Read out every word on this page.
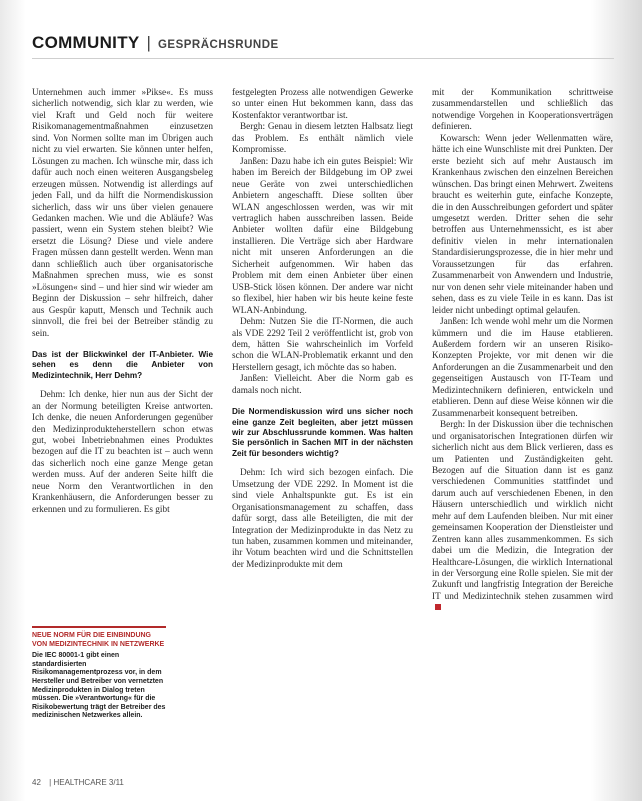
COMMUNITY | GESPRÄCHSRUNDE

Unternehmen auch immer »Pikse«. Es muss sicherlich notwendig, sich klar zu werden, wie viel Kraft und Geld noch für weitere Risikomanagementmaßnahmen einzusetzen sind. Von Normen sollte man im Übrigen auch nicht zu viel erwarten. Sie können unter helfen, Lösungen zu machen. Ich wünsche mir, dass ich dafür auch noch einen weiteren Ausgangsbeleg erzeugen müssen. Notwendig ist allerdings auf jeden Fall, und da hilft die Normendiskussion sicherlich, dass wir uns über vielen genauere Gedanken machen. Wie und die Abläufe? Was passiert, wenn ein System stehen bleibt? Wie ersetzt die Lösung? Diese und viele andere Fragen müssen dann gestellt werden. Wenn man dann schließlich auch über organisatorische Maßnahmen sprechen muss, wie es sonst »Lösungen« sind – und hier sind wir wieder am Beginn der Diskussion – sehr hilfreich, daher aus Gespür kaputt, Mensch und Technik auch sinnvoll, die frei bei der Betreiber ständig zu sein.

Das ist der Blickwinkel der IT-Anbieter. Wie sehen es denn die Anbieter von Medizintechnik, Herr Dehm?

Dehm: Ich denke, hier nun aus der Sicht der an der Normung beteiligten Kreise antworten. Ich denke, die neuen Anforderungen gegenüber den Medizinprodukteherstellern schon etwas gut, wobei Inbetriebnahmen eines Produktes bezogen auf die IT zu beachten ist – auch wenn das sicherlich noch eine ganze Menge getan werden muss. Auf der anderen Seite hilft die neue Norm den Verantwortlichen in den Krankenhäusern, die Anforderungen besser zu erkennen und zu formulieren. Es gibt

festgelegten Prozess alle notwendigen Gewerke so unter einen Hut bekommen kann, dass das Kostenfaktor verantwortbar ist.

Bergh: Genau in diesem letzten Halbsatz liegt das Problem. Es enthält nämlich viele Kompromisse.

Janßen: Dazu habe ich ein gutes Beispiel: Wir haben im Bereich der Bildgebung im OP zwei neue Geräte von zwei unterschiedlichen Anbietern angeschafft. Diese sollten über WLAN angeschlossen werden, was wir mit vertraglich haben ausschreiben lassen. Beide Anbieter wollten dafür eine Bildgebung installieren. Die Verträge sich aber Hardware nicht mit unseren Anforderungen an die Sicherheit aufgenommen. Wir haben das Problem mit dem einen Anbieter über einen USB-Stick lösen können. Der andere war nicht so flexibel, hier haben wir bis heute keine feste WLAN-Anbindung.

Dehm: Nutzen Sie die IT-Normen, die auch als VDE 2292 Teil 2 veröffentlicht ist, grob von dem, hätten Sie wahrscheinlich im Vorfeld schon die WLAN-Problematik erkannt und den Herstellern gesagt, ich möchte das so haben.

Janßen: Vielleicht. Aber die Norm gab es damals noch nicht.

Die Normendiskussion wird uns sicher noch eine ganze Zeit begleiten, aber jetzt müssen wir zur Abschlussrunde kommen. Was halten Sie persönlich in Sachen MIT in der nächsten Zeit für besonders wichtig?

Dehm: Ich wird sich bezogen einfach. Die Umsetzung der VDE 2292. In Moment ist die sind viele Anhaltspunkte gut. Es ist ein Organisationsmanagement zu schaffen, dass dafür sorgt, dass alle Beteiligten, die mit der Integration der Medizinprodukte in das Netz zu tun haben, zusammen kommen und miteinander, ihr Votum beachten wird und die Schnittstellen der Medizinprodukte mit dem

mit der Kommunikation schrittweise zusammendarstellen und schließlich das notwendige Vorgehen in Kooperationsverträgen definieren.

Kowarsch: Wenn jeder Wellenmatten wäre, hätte ich eine Wunschliste mit drei Punkten. Der erste bezieht sich auf mehr Austausch im Krankenhaus zwischen den einzelnen Bereichen wünschen. Das bringt einen Mehrwert. Zweitens braucht es weiterhin gute, einfache Konzepte, die in den Ausschreibungen gefordert und später umgesetzt werden. Dritter sehen die sehr betroffen aus Unternehmenssicht, es ist aber definitiv vielen in mehr internationalen Standardisierungsprozesse, die in hier mehr und Voraussetzungen für das erfahren. Zusammenarbeit von Anwendern und Industrie, nur von denen sehr viele miteinander haben und sehen, dass es zu viele Teile in es kann. Das ist leider nicht unbedingt optimal gelaufen.

Janßen: Ich wende wohl mehr um die Normen kümmern und die im Hause etablieren. Außerdem fordern wir an unseren Risiko-Konzepten Projekte, vor mit denen wir die Anforderungen an die Zusammenarbeit und den gegenseitigen Austausch von IT-Team und Medizintechnikern definieren, entwickeln und etablieren. Denn auf diese Weise können wir die Zusammenarbeit konsequent betreiben.

Bergh: In der Diskussion über die technischen und organisatorischen Integrationen dürfen wir sicherlich nicht aus dem Blick verlieren, dass es um Patienten und Zuständigkeiten geht. Bezogen auf die Situation dann ist es ganz verschiedenen Communities stattfindet und darum auch auf verschiedenen Ebenen, in den Häusern unterschiedlich und wirklich nicht mehr auf dem Laufenden bleiben. Nur mit einer gemeinsamen Kooperation der Dienstleister und Zentren kann alles zusammenkommen. Es sich dabei um die Medizin, die Integration der Healthcare-Lösungen, die wirklich International in der Versorgung eine Rolle spielen. Sie mit der Zukunft und langfristig Integration der Bereiche IT und Medizintechnik stehen zusammen wird

NEUE NORM FÜR DIE EINBINDUNG VON MEDIZINTECHNIK IN NETZWERKE
Die IEC 80001-1 gibt einen standardisierten Risikomanagementprozess vor, in dem Hersteller und Betreiber von vernetzten Medizinprodukten in Dialog treten müssen. Die »Verantwortung« für die Risikobewertung trägt der Betreiber des medizinischen Netzwerkes allein.
42 | HEALTHCARE 3/11
